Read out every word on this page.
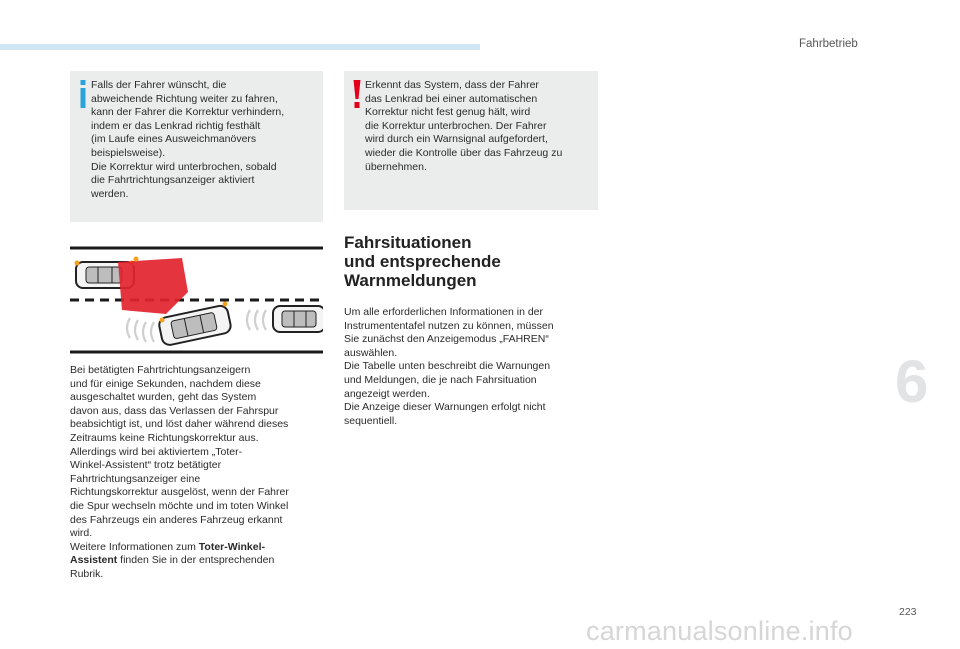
Fahrbetrieb
6
Falls der Fahrer wünscht, die
abweichende Richtung weiter zu fahren,
kann der Fahrer die Korrektur verhindern,
indem er das Lenkrad richtig festhält
(im Laufe eines Ausweichmanövers
beispielsweise).
Die Korrektur wird unterbrochen, sobald
die Fahrtrichtungsanzeiger aktiviert
werden.
Erkennt das System, dass der Fahrer
das Lenkrad bei einer automatischen
Korrektur nicht fest genug hält, wird
die Korrektur unterbrochen. Der Fahrer
wird durch ein Warnsignal aufgefordert,
wieder die Kontrolle über das Fahrzeug zu
übernehmen.
Bei betätigten Fahrtrichtungsanzeigern
und für einige Sekunden, nachdem diese
ausgeschaltet wurden, geht das System
davon aus, dass das Verlassen der Fahrspur
beabsichtigt ist, und löst daher während dieses
Zeitraums keine Richtungskorrektur aus.
Allerdings wird bei aktiviertem „Toter-
Winkel-Assistent“ trotz betätigter
Fahrtrichtungsanzeiger eine
Richtungskorrektur ausgelöst, wenn der Fahrer
die Spur wechseln möchte und im toten Winkel
des Fahrzeugs ein anderes Fahrzeug erkannt
wird.
Weitere Informationen zum Toter-Winkel-
Assistent finden Sie in der entsprechenden
Rubrik.
Fahrsituationen
und entsprechende
Warnmeldungen
Um alle erforderlichen Informationen in der
Instrumententafel nutzen zu können, müssen
Sie zunächst den Anzeigemodus „FAHREN“
auswählen.
Die Tabelle unten beschreibt die Warnungen
und Meldungen, die je nach Fahrsituation
angezeigt werden.
Die Anzeige dieser Warnungen erfolgt nicht
sequentiell.
223
carmanualsonline.info
